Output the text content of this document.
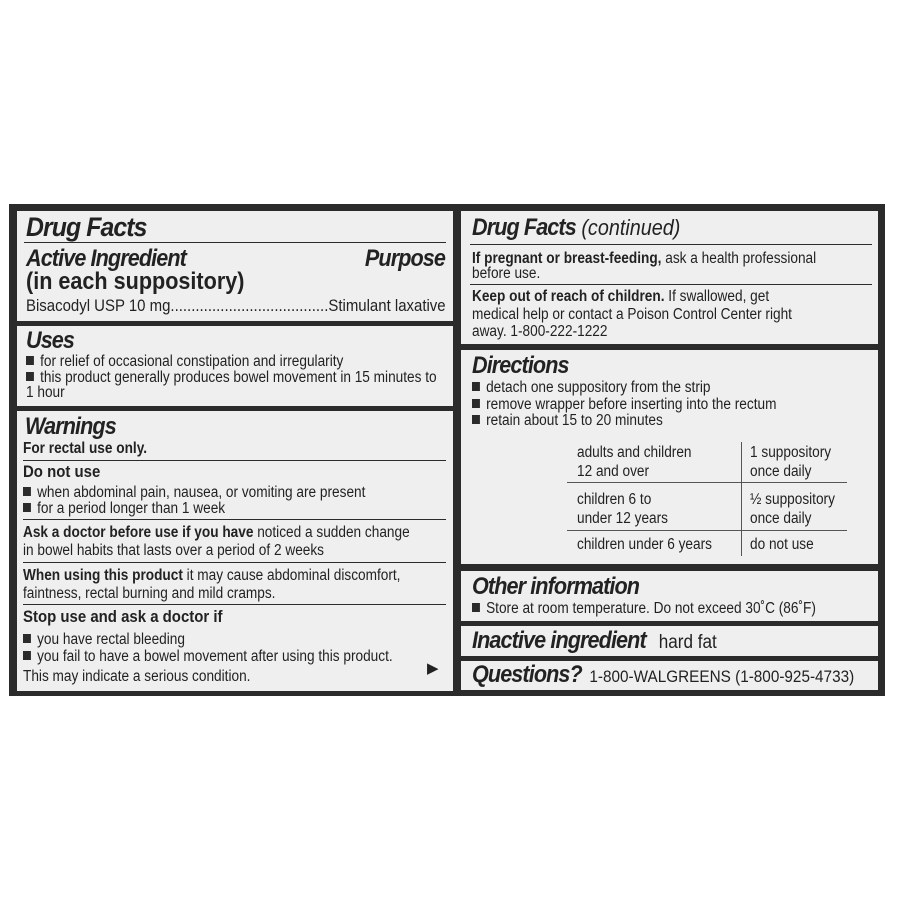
Drug Facts
Active Ingredient	Purpose
(in each suppository)
Bisacodyl USP 10 mg......................................Stimulant laxative
Uses
for relief of occasional constipation and irregularity
this product generally produces bowel movement in 15 minutes to
1 hour
Warnings
For rectal use only.
Do not use
when abdominal pain, nausea, or vomiting are present
for a period longer than 1 week
Ask a doctor before use if you have noticed a sudden change
in bowel habits that lasts over a period of 2 weeks
When using this product it may cause abdominal discomfort,
faintness, rectal burning and mild cramps.
Stop use and ask a doctor if
you have rectal bleeding
you fail to have a bowel movement after using this product.
This may indicate a serious condition.	▶
Drug Facts (continued)
If pregnant or breast-feeding, ask a health professional
before use.
Keep out of reach of children. If swallowed, get
medical help or contact a Poison Control Center right
away. 1-800-222-1222
Directions
detach one suppository from the strip
remove wrapper before inserting into the rectum
retain about 15 to 20 minutes
adults and children
12 and over
1 suppository
once daily
children 6 to
under 12 years
½ suppository
once daily
children under 6 years do not use
Other information
Store at room temperature. Do not exceed 30˚C (86˚F)
Inactive ingredient hard fat
Questions? 1-800-WALGREENS (1-800-925-4733)
